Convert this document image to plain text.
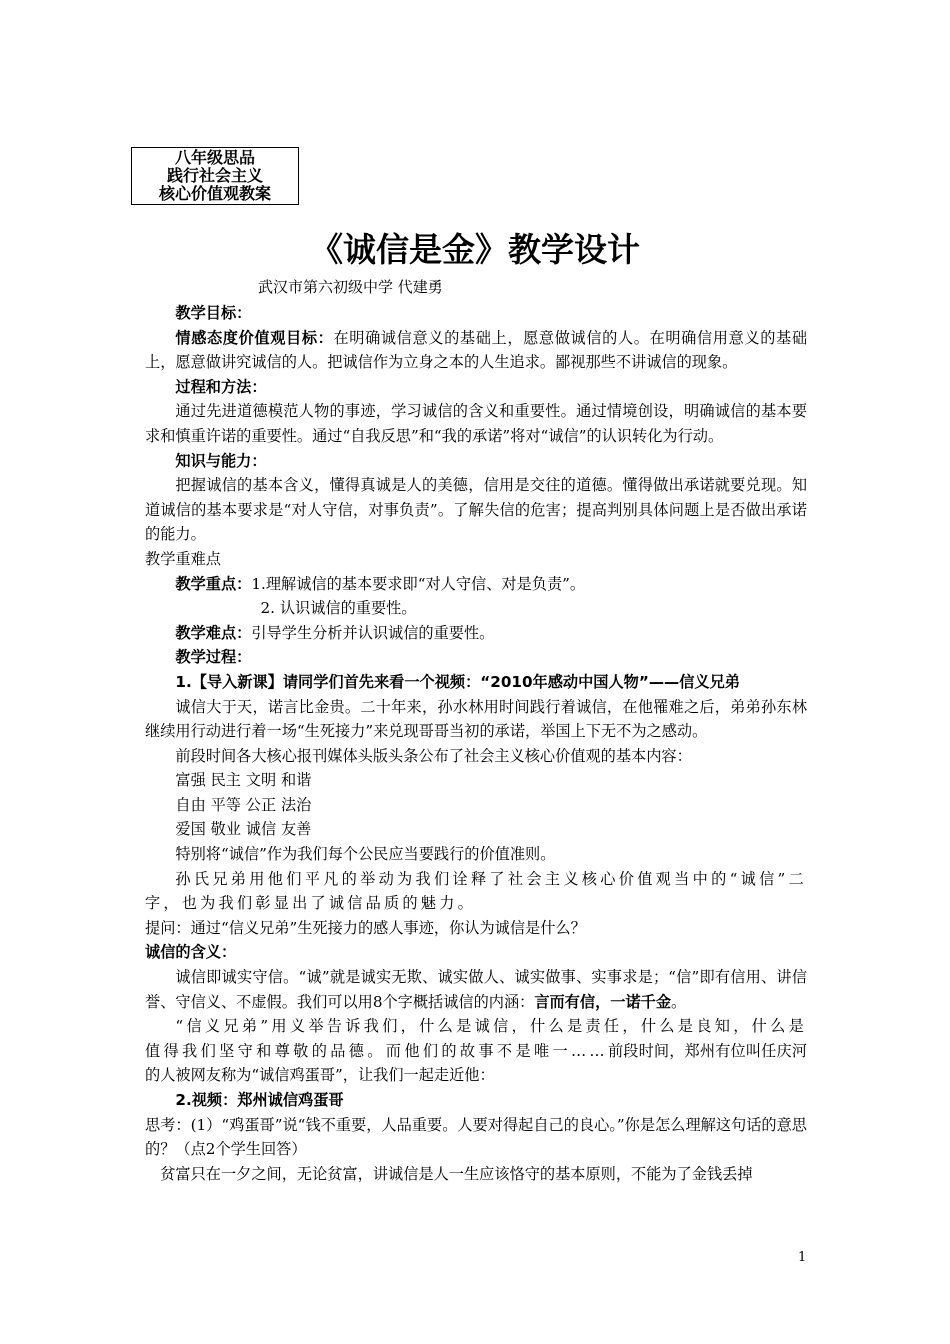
八年级思品
践行社会主义
核心价值观教案
《诚信是金》教学设计
武汉市第六初级中学 代建勇

教学目标：

情感态度价值观目标：在明确诚信意义的基础上，愿意做诚信的人。在明确信用意义的基础上，愿意做讲究诚信的人。把诚信作为立身之本的人生追求。鄙视那些不讲诚信的现象。

过程和方法：

通过先进道德模范人物的事迹，学习诚信的含义和重要性。通过情境创设，明确诚信的基本要求和慎重许诺的重要性。通过“自我反思”和“我的承诺”将对“诚信”的认识转化为行动。

知识与能力：

把握诚信的基本含义，懂得真诚是人的美德，信用是交往的道德。懂得做出承诺就要兑现。知道诚信的基本要求是“对人守信，对事负责”。了解失信的危害；提高判别具体问题上是否做出承诺的能力。

教学重难点

教学重点：1.理解诚信的基本要求即“对人守信、对是负责”。

2. 认识诚信的重要性。

教学难点：引导学生分析并认识诚信的重要性。

教学过程：

1.【导入新课】请同学们首先来看一个视频：“2010年感动中国人物”——信义兄弟

诚信大于天，诺言比金贵。二十年来，孙水林用时间践行着诚信，在他罹难之后，弟弟孙东林继续用行动进行着一场“生死接力”来兑现哥哥当初的承诺，举国上下无不为之感动。

前段时间各大核心报刊媒体头版头条公布了社会主义核心价值观的基本内容：

富强 民主 文明 和谐

自由 平等 公正 法治

爱国 敬业 诚信 友善

特别将“诚信”作为我们每个公民应当要践行的价值准则。

孙氏兄弟用他们平凡的举动为我们诠释了社会主义核心价值观当中的“诚信”二字，也为我们彰显出了诚信品质的魅力。

提问：通过“信义兄弟”生死接力的感人事迹，你认为诚信是什么？

诚信的含义：

诚信即诚实守信。“诚”就是诚实无欺、诚实做人、诚实做事、实事求是；“信”即有信用、讲信誉、守信义、不虚假。我们可以用8个字概括诚信的内涵：言而有信，一诺千金。

“信义兄弟”用义举告诉我们，什么是诚信，什么是责任，什么是良知，什么是值得我们坚守和尊敬的品德。而他们的故事不是唯一……前段时间，郑州有位叫任庆河的人被网友称为“诚信鸡蛋哥”，让我们一起走近他：

2.视频：郑州诚信鸡蛋哥

思考：(1）“鸡蛋哥”说“钱不重要，人品重要。人要对得起自己的良心。”你是怎么理解这句话的意思的？（点2个学生回答）

贫富只在一夕之间，无论贫富，讲诚信是人一生应该恪守的基本原则，不能为了金钱丢掉

1
